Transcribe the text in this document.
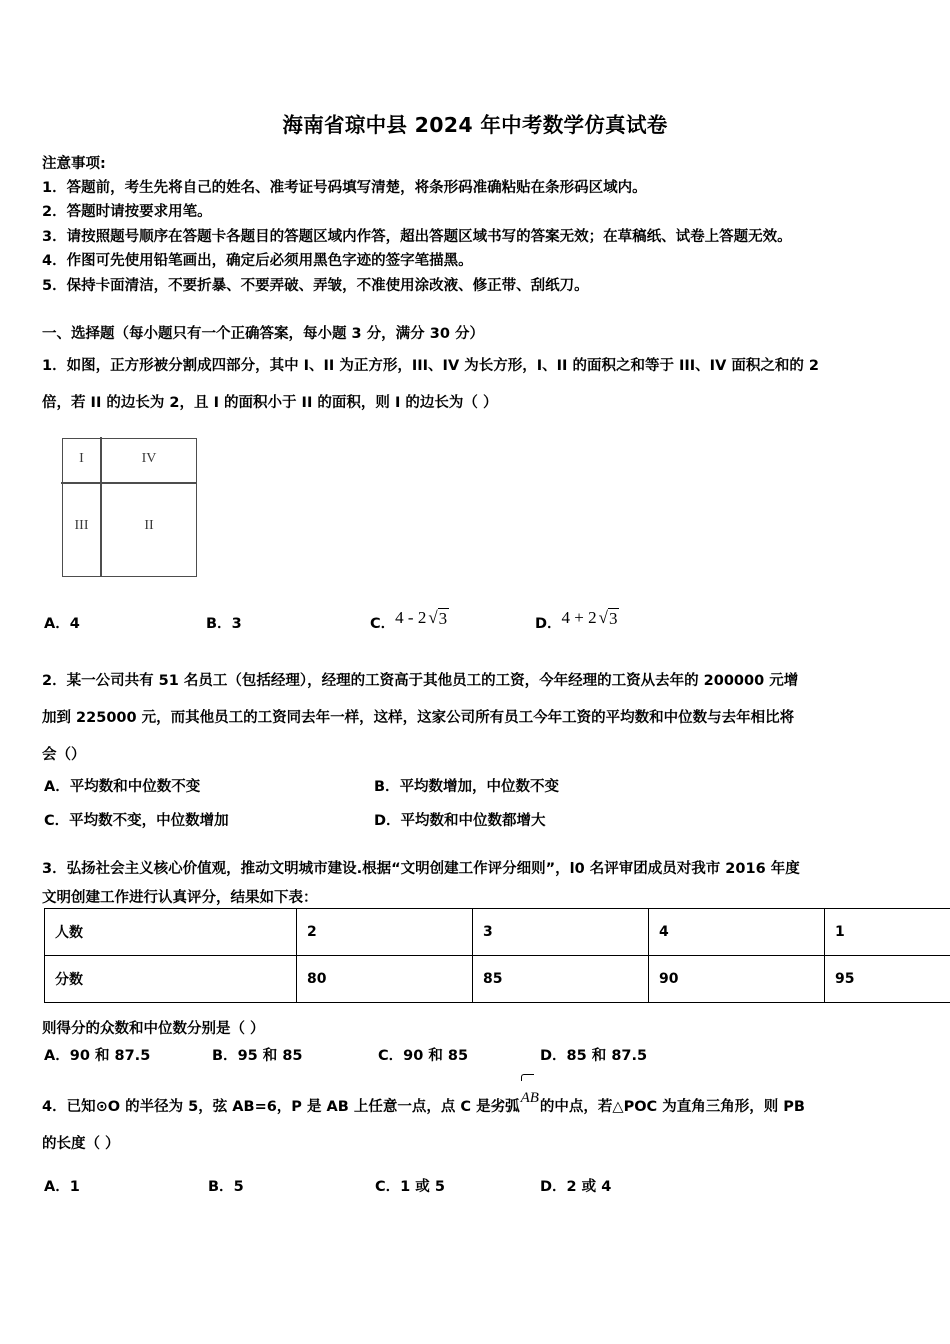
海南省琼中县 2024 年中考数学仿真试卷
注意事项:
1．答题前，考生先将自己的姓名、准考证号码填写清楚，将条形码准确粘贴在条形码区域内。
2．答题时请按要求用笔。
3．请按照题号顺序在答题卡各题目的答题区域内作答，超出答题区域书写的答案无效；在草稿纸、试卷上答题无效。
4．作图可先使用铅笔画出，确定后必须用黑色字迹的签字笔描黑。
5．保持卡面清洁，不要折暴、不要弄破、弄皱，不准使用涂改液、修正带、刮纸刀。
一、选择题（每小题只有一个正确答案，每小题 3 分，满分 30 分）
1．如图，正方形被分割成四部分，其中 I、II 为正方形，III、IV 为长方形，I、II 的面积之和等于 III、IV 面积之和的 2
倍，若 II 的边长为 2，且 I 的面积小于 II 的面积，则 I 的边长为（ ）
I	IV
III	II
A．4	B．3	C．4 - 2 √3	D．4 + 2 √3
2．某一公司共有 51 名员工（包括经理），经理的工资高于其他员工的工资，今年经理的工资从去年的 200000 元增
加到 225000 元，而其他员工的工资同去年一样，这样，这家公司所有员工今年工资的平均数和中位数与去年相比将
会（）
A．平均数和中位数不变	B．平均数增加，中位数不变
C．平均数不变，中位数增加	D．平均数和中位数都增大
3．弘扬社会主义核心价值观，推动文明城市建设.根据“文明创建工作评分细则”，l0 名评审团成员对我市 2016 年度
文明创建工作进行认真评分，结果如下表：
人数	2	3	4	1
分数	80	85	90	95
则得分的众数和中位数分别是（ ）
A．90 和 87.5	B．95 和 85	C．90 和 85	D．85 和 87.5
4．已知⊙O 的半径为 5，弦 AB=6，P 是 AB 上任意一点，点 C 是劣弧
AB的中点，若△POC 为直角三角形，则 PB
的长度（ ）
A．1	B．5	C．1 或 5	D．2 或 4
